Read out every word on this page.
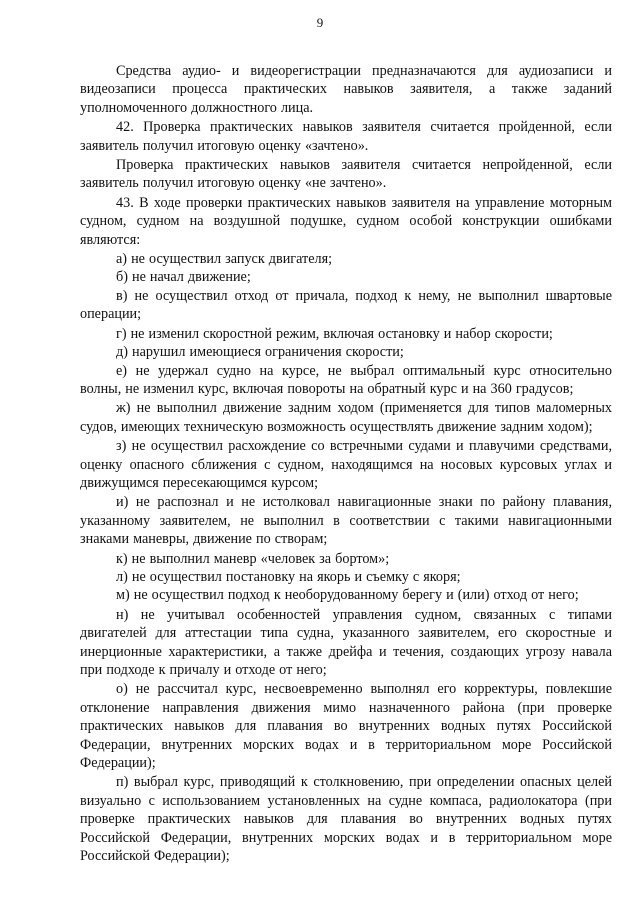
9

Средства аудио- и видеорегистрации предназначаются для аудиозаписи и видеозаписи процесса практических навыков заявителя, а также заданий уполномоченного должностного лица.

42. Проверка практических навыков заявителя считается пройденной, если заявитель получил итоговую оценку «зачтено».

Проверка практических навыков заявителя считается непройденной, если заявитель получил итоговую оценку «не зачтено».

43. В ходе проверки практических навыков заявителя на управление моторным судном, судном на воздушной подушке, судном особой конструкции ошибками являются:

а) не осуществил запуск двигателя;

б) не начал движение;

в) не осуществил отход от причала, подход к нему, не выполнил швартовые операции;

г) не изменил скоростной режим, включая остановку и набор скорости;

д) нарушил имеющиеся ограничения скорости;

е) не удержал судно на курсе, не выбрал оптимальный курс относительно волны, не изменил курс, включая повороты на обратный курс и на 360 градусов;

ж) не выполнил движение задним ходом (применяется для типов маломерных судов, имеющих техническую возможность осуществлять движение задним ходом);

з) не осуществил расхождение со встречными судами и плавучими средствами, оценку опасного сближения с судном, находящимся на носовых курсовых углах и движущимся пересекающимся курсом;

и) не распознал и не истолковал навигационные знаки по району плавания, указанному заявителем, не выполнил в соответствии с такими навигационными знаками маневры, движение по створам;

к) не выполнил маневр «человек за бортом»;

л) не осуществил постановку на якорь и съемку с якоря;

м) не осуществил подход к необорудованному берегу и (или) отход от него;

н) не учитывал особенностей управления судном, связанных с типами двигателей для аттестации типа судна, указанного заявителем, его скоростные и инерционные характеристики, а также дрейфа и течения, создающих угрозу навала при подходе к причалу и отходе от него;

о) не рассчитал курс, несвоевременно выполнял его корректуры, повлекшие отклонение направления движения мимо назначенного района (при проверке практических навыков для плавания во внутренних водных путях Российской Федерации, внутренних морских водах и в территориальном море Российской Федерации);

п) выбрал курс, приводящий к столкновению, при определении опасных целей визуально с использованием установленных на судне компаса, радиолокатора (при проверке практических навыков для плавания во внутренних водных путях Российской Федерации, внутренних морских водах и в территориальном море Российской Федерации);
